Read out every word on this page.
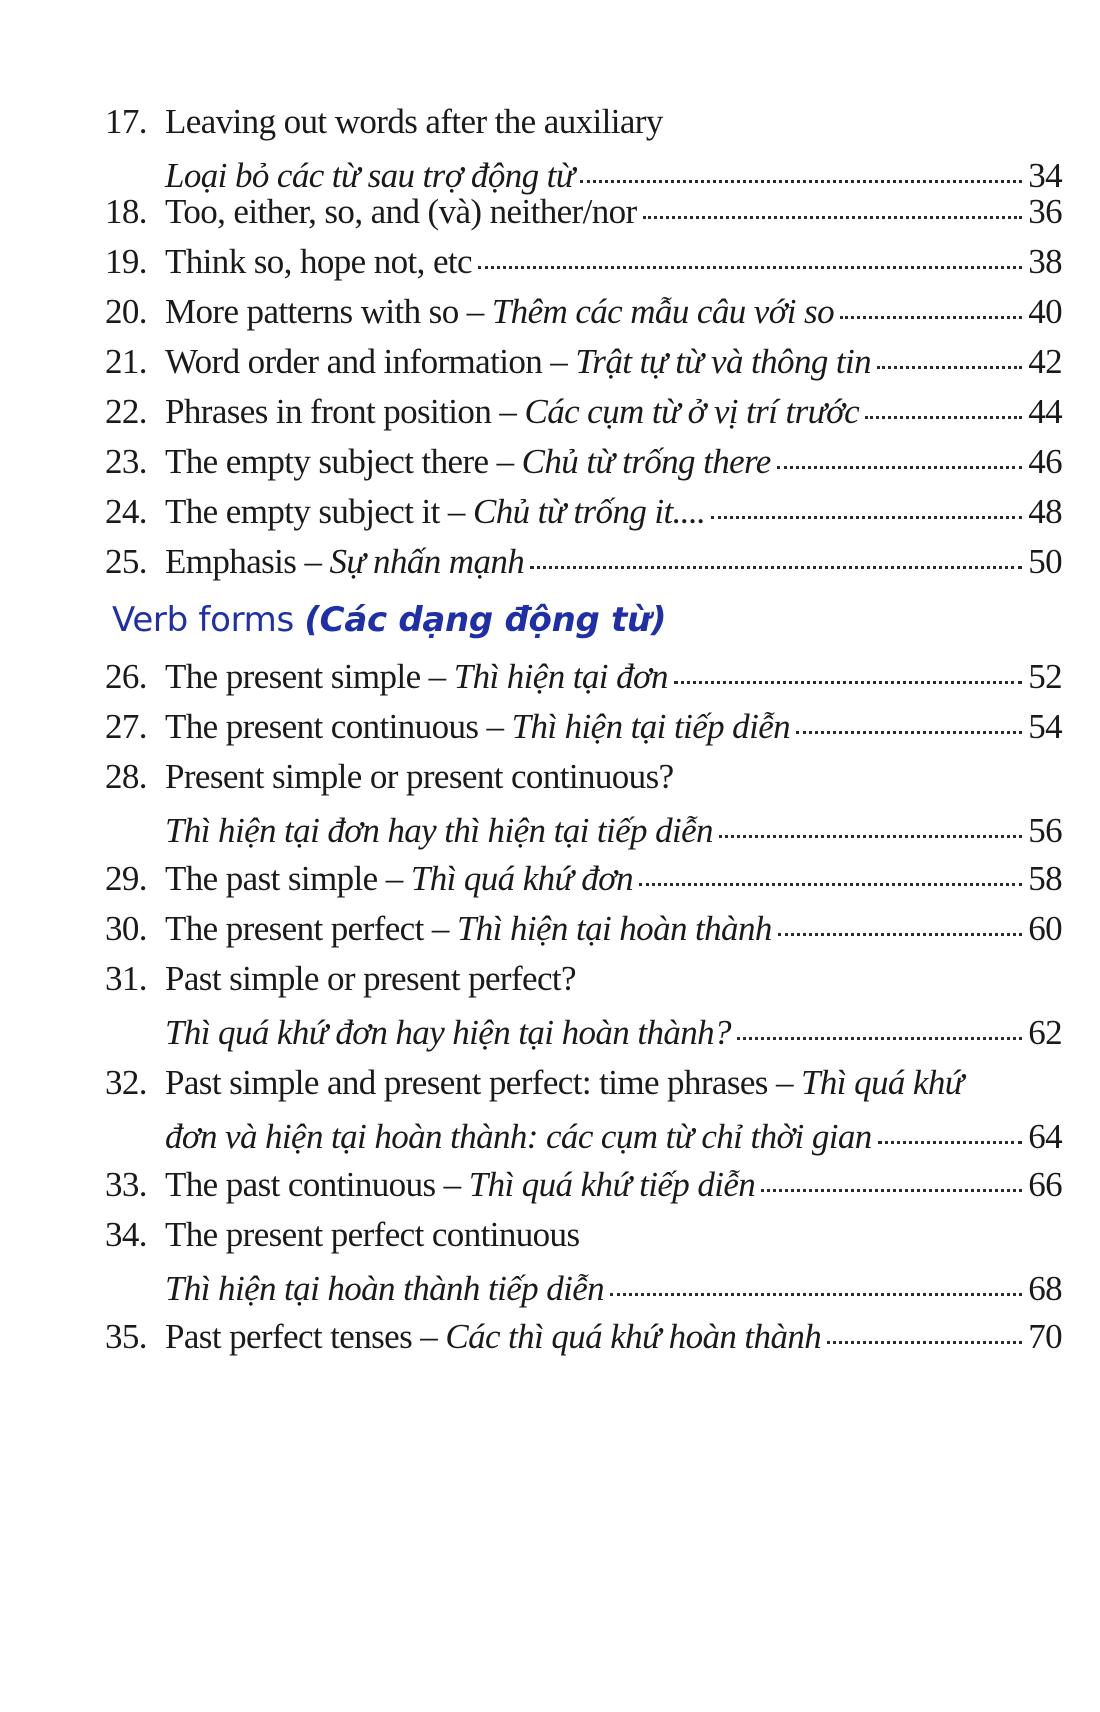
17. Leaving out words after the auxiliary
Loại bỏ các từ sau trợ động từ	34
18. Too, either, so, and (và) neither/nor	36
19. Think so, hope not, etc	38
20. More patterns with so – Thêm các mẫu câu với so	40
21. Word order and information – Trật tự từ và thông tin	42
22. Phrases in front position – Các cụm từ ở vị trí trước	44
23. The empty subject there – Chủ từ trống there	46
24. The empty subject it – Chủ từ trống it....	48
25. Emphasis – Sự nhấn mạnh	50
Verb forms (Các dạng động từ)
26. The present simple – Thì hiện tại đơn	52
27. The present continuous – Thì hiện tại tiếp diễn	54
28. Present simple or present continuous?
Thì hiện tại đơn hay thì hiện tại tiếp diễn	56
29. The past simple – Thì quá khứ đơn	58
30. The present perfect – Thì hiện tại hoàn thành	60
31. Past simple or present perfect?
Thì quá khứ đơn hay hiện tại hoàn thành?	62
32. Past simple and present perfect: time phrases – Thì quá khứ
đơn và hiện tại hoàn thành: các cụm từ chỉ thời gian	64
33. The past continuous – Thì quá khứ tiếp diễn	66
34. The present perfect continuous
Thì hiện tại hoàn thành tiếp diễn	68
35. Past perfect tenses – Các thì quá khứ hoàn thành	70
